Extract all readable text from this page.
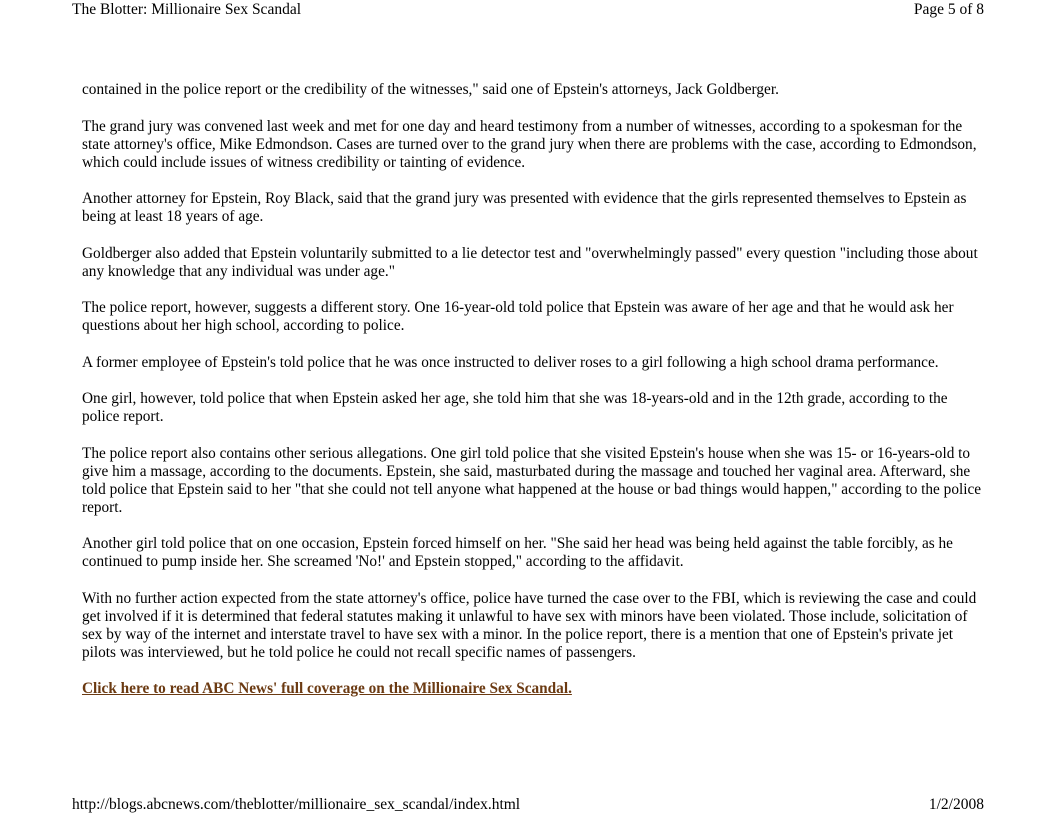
The Blotter: Millionaire Sex Scandal	Page 5 of 8

contained in the police report or the credibility of the witnesses," said one of Epstein's attorneys, Jack Goldberger.

The grand jury was convened last week and met for one day and heard testimony from a number of witnesses, according to a spokesman for the state attorney's office, Mike Edmondson. Cases are turned over to the grand jury when there are problems with the case, according to Edmondson, which could include issues of witness credibility or tainting of evidence.

Another attorney for Epstein, Roy Black, said that the grand jury was presented with evidence that the girls represented themselves to Epstein as being at least 18 years of age.

Goldberger also added that Epstein voluntarily submitted to a lie detector test and "overwhelmingly passed" every question "including those about any knowledge that any individual was under age."

The police report, however, suggests a different story. One 16-year-old told police that Epstein was aware of her age and that he would ask her questions about her high school, according to police.

A former employee of Epstein's told police that he was once instructed to deliver roses to a girl following a high school drama performance.

One girl, however, told police that when Epstein asked her age, she told him that she was 18-years-old and in the 12th grade, according to the police report.

The police report also contains other serious allegations. One girl told police that she visited Epstein's house when she was 15- or 16-years-old to give him a massage, according to the documents. Epstein, she said, masturbated during the massage and touched her vaginal area. Afterward, she told police that Epstein said to her "that she could not tell anyone what happened at the house or bad things would happen," according to the police report.

Another girl told police that on one occasion, Epstein forced himself on her. "She said her head was being held against the table forcibly, as he continued to pump inside her. She screamed 'No!' and Epstein stopped," according to the affidavit.

With no further action expected from the state attorney's office, police have turned the case over to the FBI, which is reviewing the case and could get involved if it is determined that federal statutes making it unlawful to have sex with minors have been violated. Those include, solicitation of sex by way of the internet and interstate travel to have sex with a minor. In the police report, there is a mention that one of Epstein's private jet pilots was interviewed, but he told police he could not recall specific names of passengers.

Click here to read ABC News' full coverage on the Millionaire Sex Scandal.
http://blogs.abcnews.com/theblotter/millionaire_sex_scandal/index.html	1/2/2008
